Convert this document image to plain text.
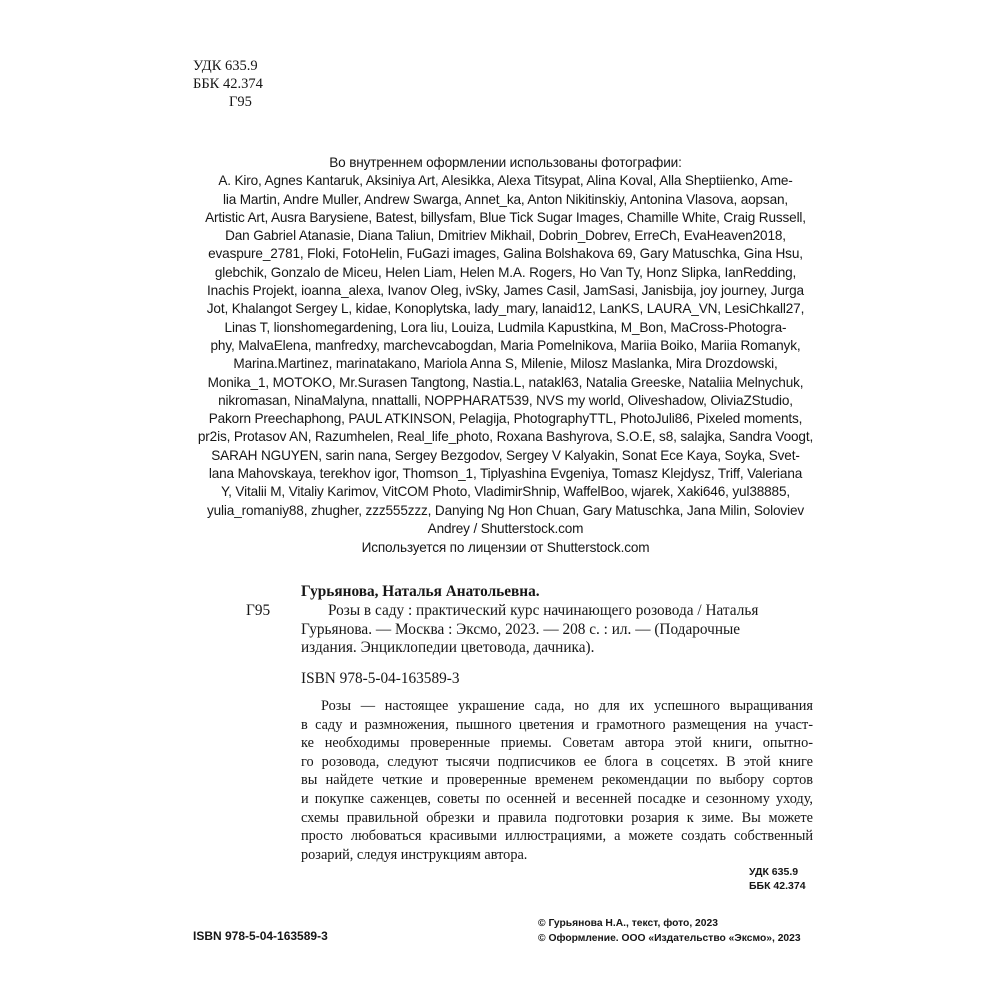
УДК 635.9
ББК 42.374
Г95
Во внутреннем оформлении использованы фотографии:
A. Kiro, Agnes Kantaruk, Aksiniya Art, Alesikka, Alexa Titsypat, Alina Koval, Alla Sheptiienko, Ame-
lia Martin, Andre Muller, Andrew Swarga, Annet_ka, Anton Nikitinskiy, Antonina Vlasova, aopsan,
Artistic Art, Ausra Barysiene, Batest, billysfam, Blue Tick Sugar Images, Chamille White, Craig Russell,
Dan Gabriel Atanasie, Diana Taliun, Dmitriev Mikhail, Dobrin_Dobrev, ErreCh, EvaHeaven2018,
evaspure_2781, Floki, FotoHelin, FuGazi images, Galina Bolshakova 69, Gary Matuschka, Gina Hsu,
glebchik, Gonzalo de Miceu, Helen Liam, Helen M.A. Rogers, Ho Van Ty, Honz Slipka, IanRedding,
Inachis Projekt, ioanna_alexa, Ivanov Oleg, ivSky, James Casil, JamSasi, Janisbija, joy journey, Jurga
Jot, Khalangot Sergey L, kidae, Konoplytska, lady_mary, lanaid12, LanKS, LAURA_VN, LesiChkall27,
Linas T, lionshomegardening, Lora liu, Louiza, Ludmila Kapustkina, M_Bon, MaCross-Photogra-
phy, MalvaElena, manfredxy, marchevcabogdan, Maria Pomelnikova, Mariia Boiko, Mariia Romanyk,
Marina.Martinez, marinatakano, Mariola Anna S, Milenie, Milosz Maslanka, Mira Drozdowski,
Monika_1, MOTOKO, Mr.Surasen Tangtong, Nastia.L, natakl63, Natalia Greeske, Nataliia Melnychuk,
nikromasan, NinaMalyna, nnattalli, NOPPHARAT539, NVS my world, Oliveshadow, OliviaZStudio,
Pakorn Preechaphong, PAUL ATKINSON, Pelagija, PhotographyTTL, PhotoJuli86, Pixeled moments,
pr2is, Protasov AN, Razumhelen, Real_life_photo, Roxana Bashyrova, S.O.E, s8, salajka, Sandra Voogt,
SARAH NGUYEN, sarin nana, Sergey Bezgodov, Sergey V Kalyakin, Sonat Ece Kaya, Soyka, Svet-
lana Mahovskaya, terekhov igor, Thomson_1, Tiplyashina Evgeniya, Tomasz Klejdysz, Triff, Valeriana
Y, Vitalii M, Vitaliy Karimov, VitCOM Photo, VladimirShnip, WaffelBoo, wjarek, Xaki646, yul38885,
yulia_romaniy88, zhugher, zzz555zzz, Danying Ng Hon Chuan, Gary Matuschka, Jana Milin, Soloviev
Andrey / Shutterstock.com
Используется по лицензии от Shutterstock.com
Гурьянова, Наталья Анатольевна.
Г95	Розы в саду : практический курс начинающего розовода / Наталья
Гурьянова. — Москва : Эксмо, 2023. — 208 с. : ил. — (Подарочные
издания. Энциклопедии цветовода, дачника).
ISBN 978-5-04-163589-3
Розы — настоящее украшение сада, но для их успешного выращивания
в саду и размножения, пышного цветения и грамотного размещения на участ-
ке необходимы проверенные приемы. Советам автора этой книги, опытно-
го розовода, следуют тысячи подписчиков ее блога в соцсетях. В этой книге
вы найдете четкие и проверенные временем рекомендации по выбору сортов
и покупке саженцев, советы по осенней и весенней посадке и сезонному уходу,
схемы правильной обрезки и правила подготовки розария к зиме. Вы можете
просто любоваться красивыми иллюстрациями, а можете создать собственный
розарий, следуя инструкциям автора.
УДК 635.9
ББК 42.374
ISBN 978-5-04-163589-3
© Гурьянова Н.А., текст, фото, 2023
© Оформление. ООО «Издательство «Эксмо», 2023
